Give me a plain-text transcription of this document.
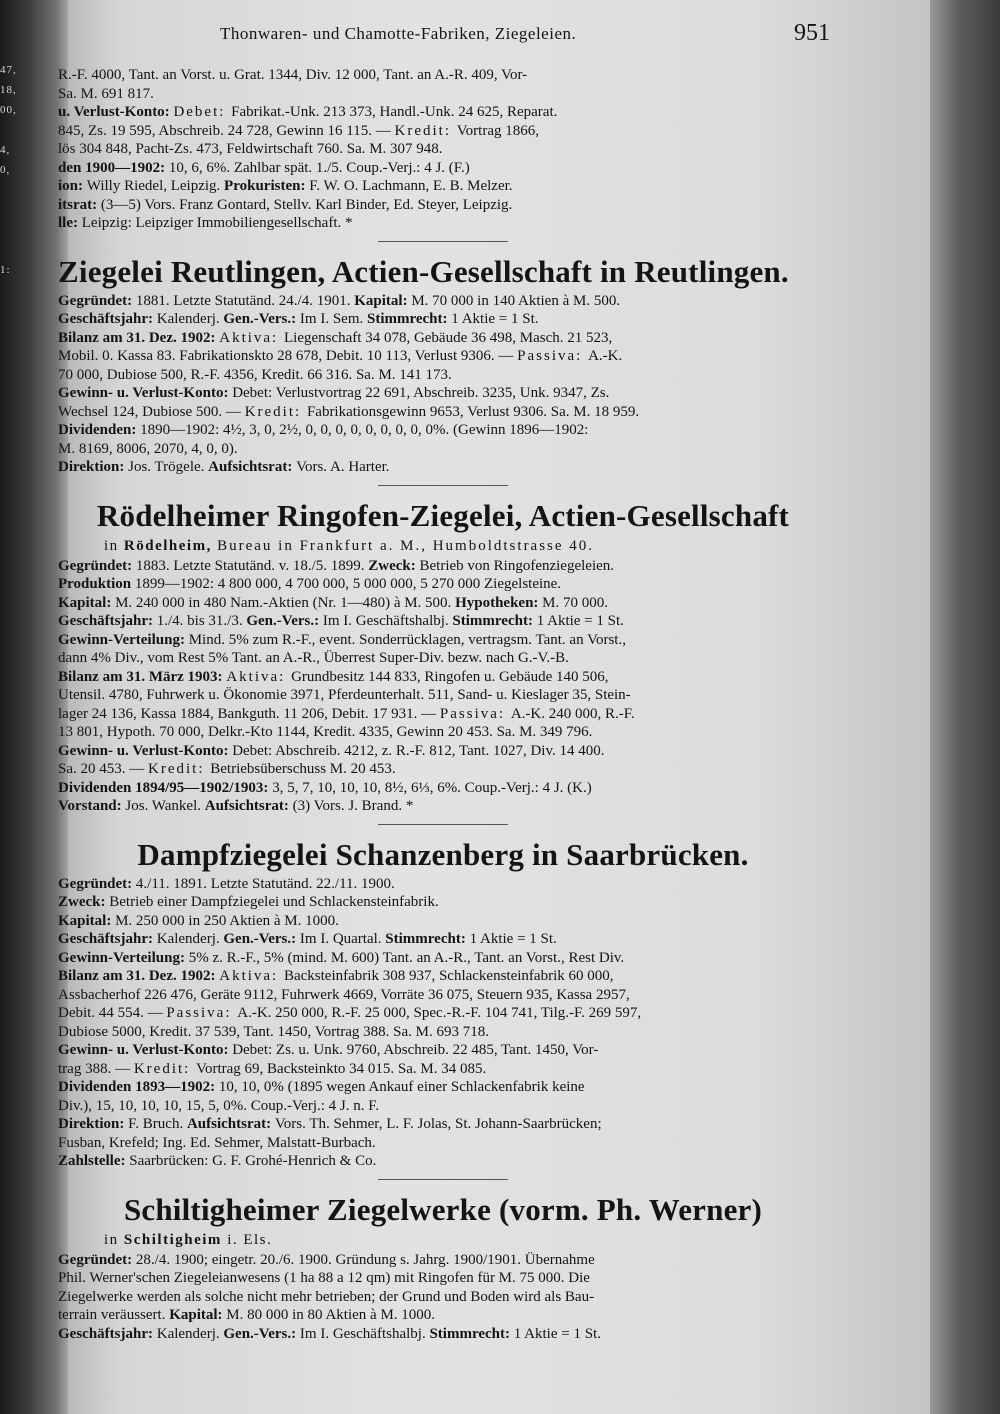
47,
18,
00,
4,
0,
1:
Thonwaren- und Chamotte-Fabriken, Ziegeleien.	951
R.-F. 4000, Tant. an Vorst. u. Grat. 1344, Div. 12 000, Tant. an A.-R. 409, Vor-
Sa. M. 691 817.
u. Verlust-Konto: Debet: Fabrikat.-Unk. 213 373, Handl.-Unk. 24 625, Reparat.
845, Zs. 19 595, Abschreib. 24 728, Gewinn 16 115. — Kredit: Vortrag 1866,
lös 304 848, Pacht-Zs. 473, Feldwirtschaft 760. Sa. M. 307 948.
den 1900—1902: 10, 6, 6%. Zahlbar spät. 1./5. Coup.-Verj.: 4 J. (F.)
ion: Willy Riedel, Leipzig. Prokuristen: F. W. O. Lachmann, E. B. Melzer.
itsrat: (3—5) Vors. Franz Gontard, Stellv. Karl Binder, Ed. Steyer, Leipzig.
lle: Leipzig: Leipziger Immobiliengesellschaft. *
Ziegelei Reutlingen, Actien-Gesellschaft in Reutlingen.
Gegründet: 1881. Letzte Statutänd. 24./4. 1901. Kapital: M. 70 000 in 140 Aktien à M. 500.
Geschäftsjahr: Kalenderj. Gen.-Vers.: Im I. Sem. Stimmrecht: 1 Aktie = 1 St.
Bilanz am 31. Dez. 1902: Aktiva: Liegenschaft 34 078, Gebäude 36 498, Masch. 21 523,
Mobil. 0. Kassa 83. Fabrikationskto 28 678, Debit. 10 113, Verlust 9306. — Passiva: A.-K.
70 000, Dubiose 500, R.-F. 4356, Kredit. 66 316. Sa. M. 141 173.
Gewinn- u. Verlust-Konto: Debet: Verlustvortrag 22 691, Abschreib. 3235, Unk. 9347, Zs.
Wechsel 124, Dubiose 500. — Kredit: Fabrikationsgewinn 9653, Verlust 9306. Sa. M. 18 959.
Dividenden: 1890—1902: 4½, 3, 0, 2½, 0, 0, 0, 0, 0, 0, 0, 0, 0%. (Gewinn 1896—1902:
M. 8169, 8006, 2070, 4, 0, 0).
Direktion: Jos. Trögele. Aufsichtsrat: Vors. A. Harter.
Rödelheimer Ringofen-Ziegelei, Actien-Gesellschaft
in Rödelheim, Bureau in Frankfurt a. M., Humboldtstrasse 40.
Gegründet: 1883. Letzte Statutänd. v. 18./5. 1899. Zweck: Betrieb von Ringofenziegeleien.
Produktion 1899—1902: 4 800 000, 4 700 000, 5 000 000, 5 270 000 Ziegelsteine.
Kapital: M. 240 000 in 480 Nam.-Aktien (Nr. 1—480) à M. 500. Hypotheken: M. 70 000.
Geschäftsjahr: 1./4. bis 31./3. Gen.-Vers.: Im I. Geschäftshalbj. Stimmrecht: 1 Aktie = 1 St.
Gewinn-Verteilung: Mind. 5% zum R.-F., event. Sonderrücklagen, vertragsm. Tant. an Vorst.,
dann 4% Div., vom Rest 5% Tant. an A.-R., Überrest Super-Div. bezw. nach G.-V.-B.
Bilanz am 31. März 1903: Aktiva: Grundbesitz 144 833, Ringofen u. Gebäude 140 506,
Utensil. 4780, Fuhrwerk u. Ökonomie 3971, Pferdeunterhalt. 511, Sand- u. Kieslager 35, Stein-
lager 24 136, Kassa 1884, Bankguth. 11 206, Debit. 17 931. — Passiva: A.-K. 240 000, R.-F.
13 801, Hypoth. 70 000, Delkr.-Kto 1144, Kredit. 4335, Gewinn 20 453. Sa. M. 349 796.
Gewinn- u. Verlust-Konto: Debet: Abschreib. 4212, z. R.-F. 812, Tant. 1027, Div. 14 400.
Sa. 20 453. — Kredit: Betriebsüberschuss M. 20 453.
Dividenden 1894/95—1902/1903: 3, 5, 7, 10, 10, 10, 8½, 6⅓, 6%. Coup.-Verj.: 4 J. (K.)
Vorstand: Jos. Wankel. Aufsichtsrat: (3) Vors. J. Brand. *
Dampfziegelei Schanzenberg in Saarbrücken.
Gegründet: 4./11. 1891. Letzte Statutänd. 22./11. 1900.
Zweck: Betrieb einer Dampfziegelei und Schlackensteinfabrik.
Kapital: M. 250 000 in 250 Aktien à M. 1000.
Geschäftsjahr: Kalenderj. Gen.-Vers.: Im I. Quartal. Stimmrecht: 1 Aktie = 1 St.
Gewinn-Verteilung: 5% z. R.-F., 5% (mind. M. 600) Tant. an A.-R., Tant. an Vorst., Rest Div.
Bilanz am 31. Dez. 1902: Aktiva: Backsteinfabrik 308 937, Schlackensteinfabrik 60 000,
Assbacherhof 226 476, Geräte 9112, Fuhrwerk 4669, Vorräte 36 075, Steuern 935, Kassa 2957,
Debit. 44 554. — Passiva: A.-K. 250 000, R.-F. 25 000, Spec.-R.-F. 104 741, Tilg.-F. 269 597,
Dubiose 5000, Kredit. 37 539, Tant. 1450, Vortrag 388. Sa. M. 693 718.
Gewinn- u. Verlust-Konto: Debet: Zs. u. Unk. 9760, Abschreib. 22 485, Tant. 1450, Vor-
trag 388. — Kredit: Vortrag 69, Backsteinkto 34 015. Sa. M. 34 085.
Dividenden 1893—1902: 10, 10, 0% (1895 wegen Ankauf einer Schlackenfabrik keine
Div.), 15, 10, 10, 10, 15, 5, 0%. Coup.-Verj.: 4 J. n. F.
Direktion: F. Bruch. Aufsichtsrat: Vors. Th. Sehmer, L. F. Jolas, St. Johann-Saarbrücken;
Fusban, Krefeld; Ing. Ed. Sehmer, Malstatt-Burbach.
Zahlstelle: Saarbrücken: G. F. Grohé-Henrich & Co.
Schiltigheimer Ziegelwerke (vorm. Ph. Werner)
in Schiltigheim i. Els.
Gegründet: 28./4. 1900; eingetr. 20./6. 1900. Gründung s. Jahrg. 1900/1901. Übernahme
Phil. Werner'schen Ziegeleianwesens (1 ha 88 a 12 qm) mit Ringofen für M. 75 000. Die
Ziegelwerke werden als solche nicht mehr betrieben; der Grund und Boden wird als Bau-
terrain veräussert. Kapital: M. 80 000 in 80 Aktien à M. 1000.
Geschäftsjahr: Kalenderj. Gen.-Vers.: Im I. Geschäftshalbj. Stimmrecht: 1 Aktie = 1 St.
